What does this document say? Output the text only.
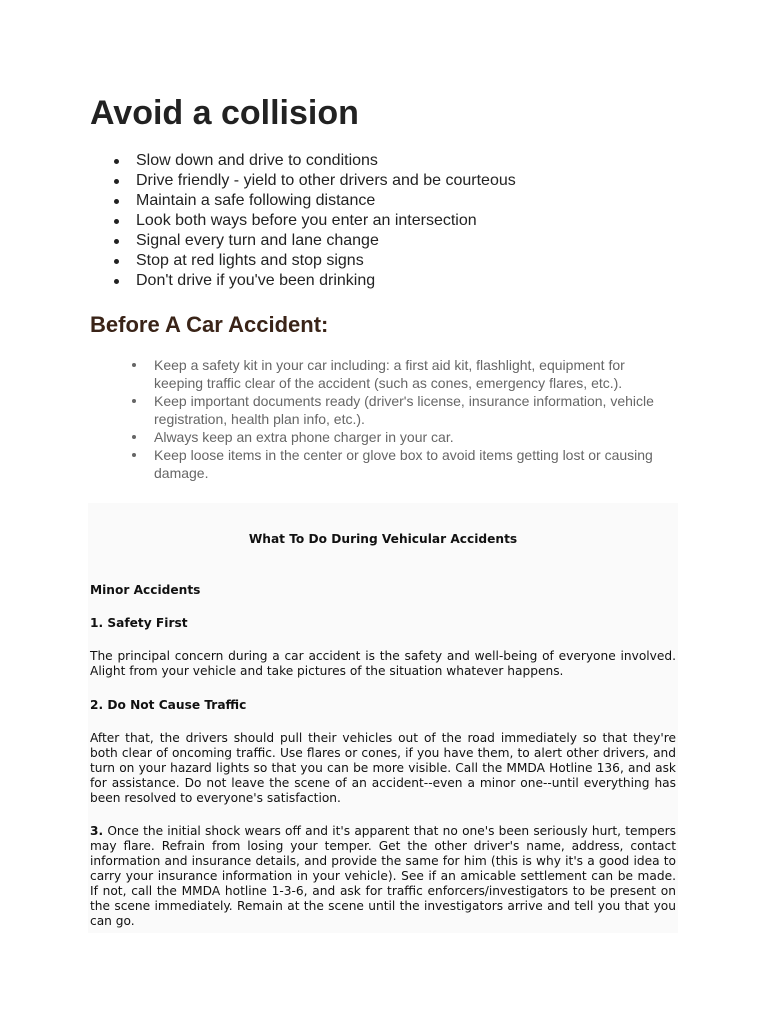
Avoid a collision
Slow down and drive to conditions
Drive friendly - yield to other drivers and be courteous
Maintain a safe following distance
Look both ways before you enter an intersection
Signal every turn and lane change
Stop at red lights and stop signs
Don't drive if you've been drinking
Before A Car Accident:
Keep a safety kit in your car including: a first aid kit, flashlight, equipment for keeping traffic clear of the accident (such as cones, emergency flares, etc.).
Keep important documents ready (driver's license, insurance information, vehicle registration, health plan info, etc.).
Always keep an extra phone charger in your car.
Keep loose items in the center or glove box to avoid items getting lost or causing damage.

What To Do During Vehicular Accidents

Minor Accidents

1. Safety First

The principal concern during a car accident is the safety and well-being of everyone involved. Alight from your vehicle and take pictures of the situation whatever happens.

2. Do Not Cause Traffic

After that, the drivers should pull their vehicles out of the road immediately so that they're both clear of oncoming traffic. Use flares or cones, if you have them, to alert other drivers, and turn on your hazard lights so that you can be more visible. Call the MMDA Hotline 136, and ask for assistance. Do not leave the scene of an accident--even a minor one--until everything has been resolved to everyone's satisfaction.

3. Once the initial shock wears off and it's apparent that no one's been seriously hurt, tempers may flare. Refrain from losing your temper. Get the other driver's name, address, contact information and insurance details, and provide the same for him (this is why it's a good idea to carry your insurance information in your vehicle). See if an amicable settlement can be made. If not, call the MMDA hotline 1-3-6, and ask for traffic enforcers/investigators to be present on the scene immediately. Remain at the scene until the investigators arrive and tell you that you can go.
